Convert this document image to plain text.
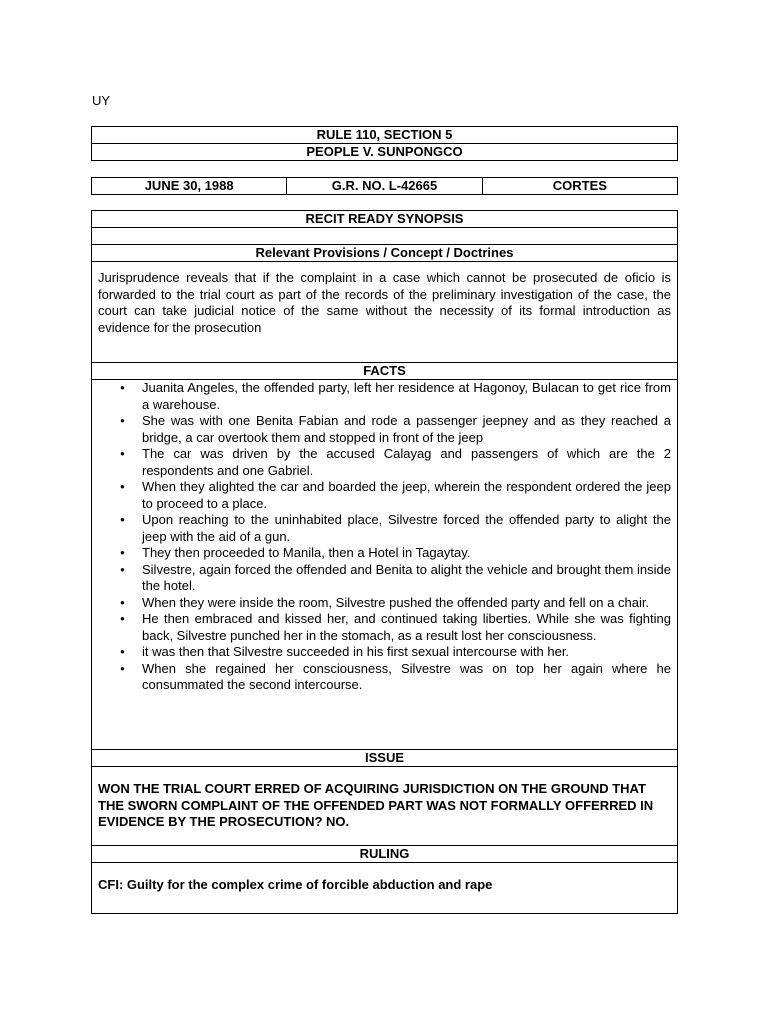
UY
RULE 110, SECTION 5
PEOPLE V. SUNPONGCO
JUNE 30, 1988	G.R. NO. L-42665	CORTES
RECIT READY SYNOPSIS

Relevant Provisions / Concept / Doctrines
Jurisprudence reveals that if the complaint in a case which cannot be prosecuted de oficio is forwarded to the trial court as part of the records of the preliminary investigation of the case, the court can take judicial notice of the same without the necessity of its formal introduction as evidence for the prosecution
FACTS

● Juanita Angeles, the offended party, left her residence at Hagonoy, Bulacan to get rice from a warehouse.
● She was with one Benita Fabian and rode a passenger jeepney and as they reached a bridge, a car overtook them and stopped in front of the jeep
● The car was driven by the accused Calayag and passengers of which are the 2 respondents and one Gabriel.
● When they alighted the car and boarded the jeep, wherein the respondent ordered the jeep to proceed to a place.
● Upon reaching to the uninhabited place, Silvestre forced the offended party to alight the jeep with the aid of a gun.
● They then proceeded to Manila, then a Hotel in Tagaytay.
● Silvestre, again forced the offended and Benita to alight the vehicle and brought them inside the hotel.
● When they were inside the room, Silvestre pushed the offended party and fell on a chair.
● He then embraced and kissed her, and continued taking liberties. While she was fighting back, Silvestre punched her in the stomach, as a result lost her consciousness.
● it was then that Silvestre succeeded in his first sexual intercourse with her.
● When she regained her consciousness, Silvestre was on top her again where he consummated the second intercourse.

ISSUE
WON THE TRIAL COURT ERRED OF ACQUIRING JURISDICTION ON THE GROUND THAT THE SWORN COMPLAINT OF THE OFFENDED PART WAS NOT FORMALLY OFFERRED IN EVIDENCE BY THE PROSECUTION? NO.
RULING
CFI: Guilty for the complex crime of forcible abduction and rape
